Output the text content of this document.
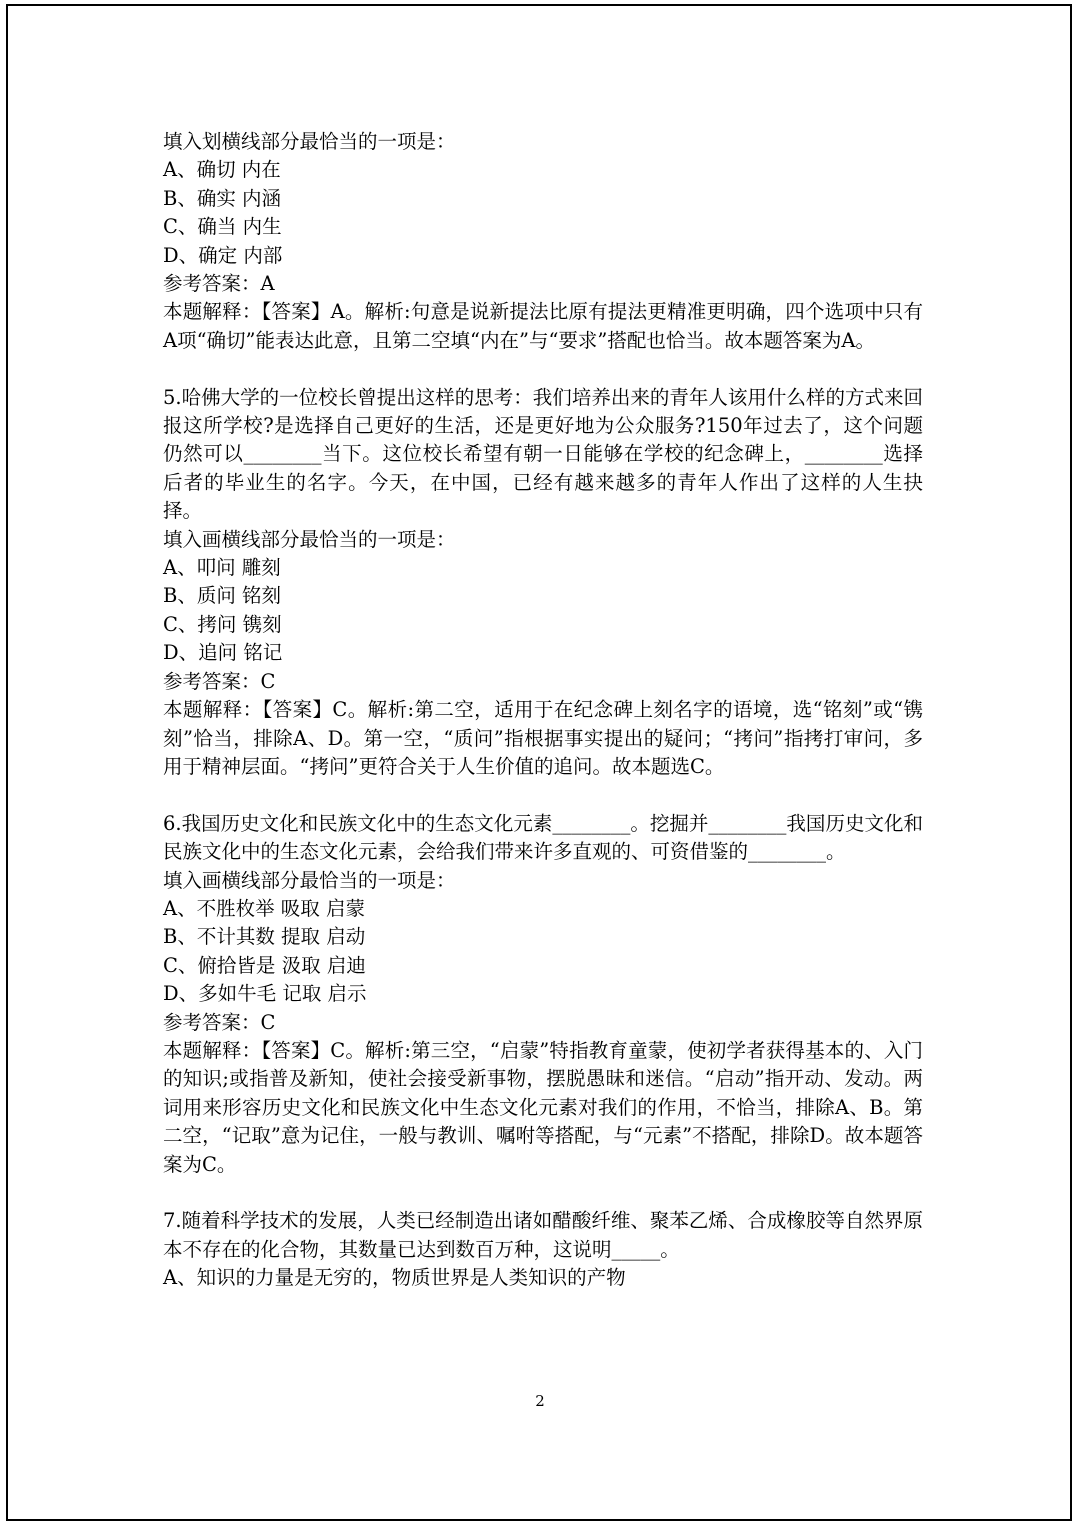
填入划横线部分最恰当的一项是：

A、确切 内在

B、确实 内涵

C、确当 内生

D、确定 内部

参考答案：A

本题解释：【答案】A。解析:句意是说新提法比原有提法更精准更明确，四个选项中只有A项“确切”能表达此意，且第二空填“内在”与“要求”搭配也恰当。故本题答案为A。

5.哈佛大学的一位校长曾提出这样的思考：我们培养出来的青年人该用什么样的方式来回报这所学校?是选择自己更好的生活，还是更好地为公众服务?150年过去了，这个问题仍然可以________当下。这位校长希望有朝一日能够在学校的纪念碑上，________选择后者的毕业生的名字。今天，在中国，已经有越来越多的青年人作出了这样的人生抉择。

填入画横线部分最恰当的一项是：

A、叩问 雕刻

B、质问 铭刻

C、拷问 镌刻

D、追问 铭记

参考答案：C

本题解释：【答案】C。解析:第二空，适用于在纪念碑上刻名字的语境，选“铭刻”或“镌刻”恰当，排除A、D。第一空，“质问”指根据事实提出的疑问；“拷问”指拷打审问，多用于精神层面。“拷问”更符合关于人生价值的追问。故本题选C。

6.我国历史文化和民族文化中的生态文化元素________。挖掘并________我国历史文化和民族文化中的生态文化元素，会给我们带来许多直观的、可资借鉴的________。

填入画横线部分最恰当的一项是：

A、不胜枚举 吸取 启蒙

B、不计其数 提取 启动

C、俯拾皆是 汲取 启迪

D、多如牛毛 记取 启示

参考答案：C

本题解释：【答案】C。解析:第三空，“启蒙”特指教育童蒙，使初学者获得基本的、入门的知识;或指普及新知，使社会接受新事物，摆脱愚昧和迷信。“启动”指开动、发动。两词用来形容历史文化和民族文化中生态文化元素对我们的作用，不恰当，排除A、B。第二空，“记取”意为记住，一般与教训、嘱咐等搭配，与“元素”不搭配，排除D。故本题答案为C。

7.随着科学技术的发展，人类已经制造出诸如醋酸纤维、聚苯乙烯、合成橡胶等自然界原本不存在的化合物，其数量已达到数百万种，这说明_____。

A、知识的力量是无穷的，物质世界是人类知识的产物

2
